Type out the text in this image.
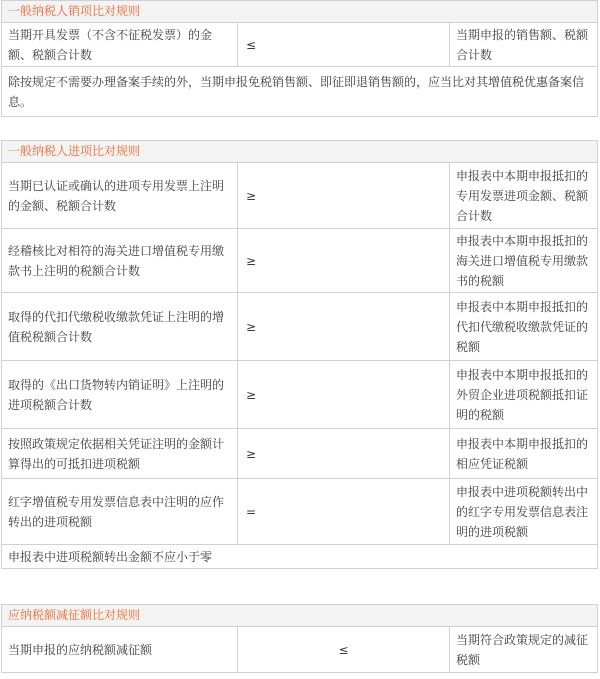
一般纳税人销项比对规则
当期开具发票（不含不征税发票）的金额、税额合计数	≤	当期申报的销售额、税额合计数
除按规定不需要办理备案手续的外，当期申报免税销售额、即征即退销售额的，应当比对其增值税优惠备案信息。
一般纳税人进项比对规则		
当期已认证或确认的进项专用发票上注明的金额、税额合计数	≥	申报表中本期申报抵扣的专用发票进项金额、税额合计数
经稽核比对相符的海关进口增值税专用缴款书上注明的税额合计数	≥	申报表中本期申报抵扣的海关进口增值税专用缴款书的税额
取得的代扣代缴税收缴款凭证上注明的增值税税额合计数	≥	申报表中本期申报抵扣的代扣代缴税收缴款凭证的税额
取得的《出口货物转内销证明》上注明的进项税额合计数	≥	申报表中本期申报抵扣的外贸企业进项税额抵扣证明的税额
按照政策规定依据相关凭证注明的金额计算得出的可抵扣进项税额	≥	申报表中本期申报抵扣的相应凭证税额
红字增值税专用发票信息表中注明的应作转出的进项税额	=	申报表中进项税额转出中的红字专用发票信息表注明的进项税额
申报表中进项税额转出金额不应小于零		
应纳税额减征额比对规则
当期申报的应纳税额减征额	≤	当期符合政策规定的减征税额
